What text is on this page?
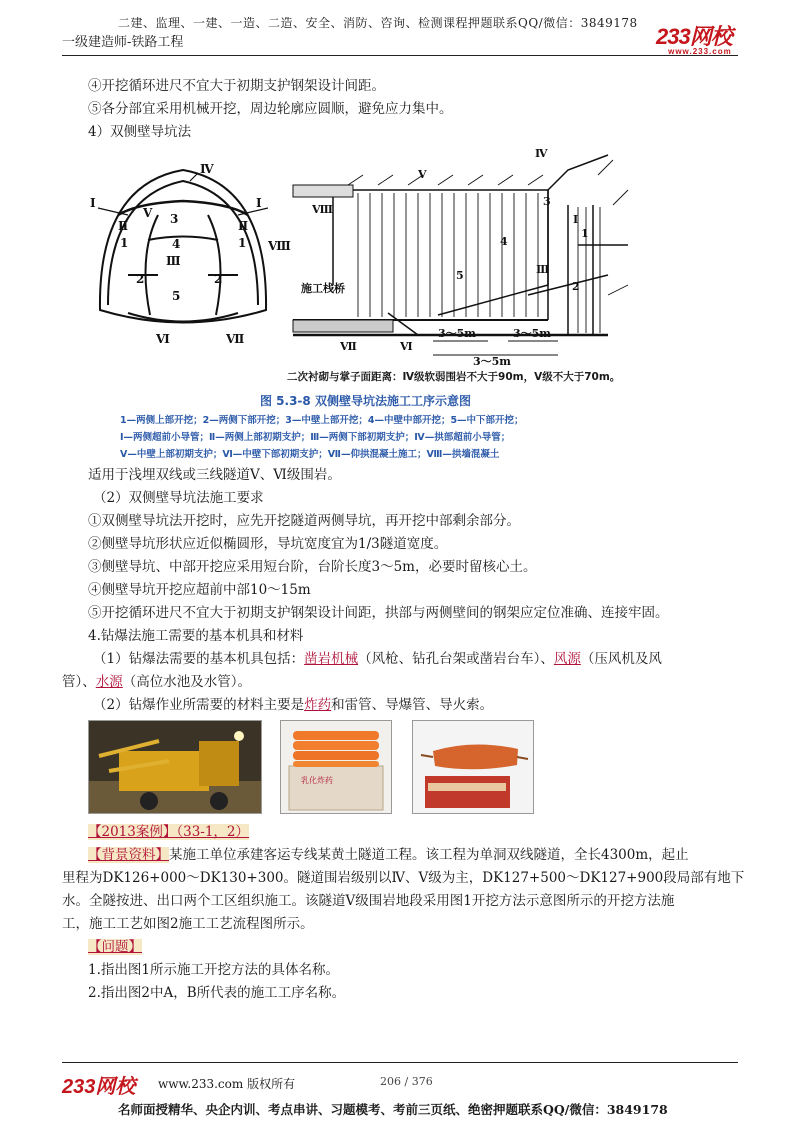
二建、监理、一建、一造、二造、安全、消防、咨询、检测课程押题联系QQ/微信：3849178
一级建造师-铁路工程	233网校
www.233.com
④开挖循环进尺不宜大于初期支护钢架设计间距。
⑤各分部宜采用机械开挖，周边轮廓应圆顺，避免应力集中。
4）双侧壁导坑法
Ⅳ
Ⅰ	Ⅰ
Ⅴ 3
Ⅱ	Ⅱ
1	1
4
Ⅲ
2	2
5
Ⅷ
Ⅵ	Ⅶ
Ⅳ
Ⅴ
Ⅷ
3
Ⅰ
1
4
5	Ⅲ
2
施工栈桥
Ⅶ	Ⅵ
3～5m	3～5m
3～5m
二次衬砌与掌子面距离：Ⅳ级软弱围岩不大于90m，Ⅴ级不大于70m。
图 5.3-8 双侧壁导坑法施工工序示意图
1—两侧上部开挖；2—两侧下部开挖；3—中壁上部开挖；4—中壁中部开挖；5—中下部开挖；
Ⅰ—两侧超前小导管；Ⅱ—两侧上部初期支护；Ⅲ—两侧下部初期支护；Ⅳ—拱部超前小导管；
Ⅴ—中壁上部初期支护；Ⅵ—中壁下部初期支护；Ⅶ—仰拱混凝土施工；Ⅷ—拱墙混凝土
适用于浅埋双线或三线隧道Ⅴ、Ⅵ级围岩。
（2）双侧壁导坑法施工要求
①双侧壁导坑法开挖时，应先开挖隧道两侧导坑，再开挖中部剩余部分。
②侧壁导坑形状应近似椭圆形，导坑宽度宜为1/3隧道宽度。
③侧壁导坑、中部开挖应采用短台阶，台阶长度3～5m，必要时留核心土。
④侧壁导坑开挖应超前中部10～15m
⑤开挖循环进尺不宜大于初期支护钢架设计间距，拱部与两侧壁间的钢架应定位准确、连接牢固。
4.钻爆法施工需要的基本机具和材料
（1）钻爆法需要的基本机具包括：凿岩机械（风枪、钻孔台架或凿岩台车）、风源（压风机及风
管）、水源（高位水池及水管）。
（2）钻爆作业所需要的材料主要是炸药和雷管、导爆管、导火索。
乳化炸药
【2013案例】（33-1，2）
【背景资料】某施工单位承建客运专线某黄土隧道工程。该工程为单洞双线隧道，全长4300m，起止
里程为DK126+000～DK130+300。隧道围岩级别以Ⅳ、Ⅴ级为主，DK127+500～DK127+900段局部有地下
水。全隧按进、出口两个工区组织施工。该隧道Ⅴ级围岩地段采用图1开挖方法示意图所示的开挖方法施
工，施工工艺如图2施工工艺流程图所示。
【问题】
1.指出图1所示施工开挖方法的具体名称。
2.指出图2中A，B所代表的施工工序名称。
233网校 www.233.com 版权所有	206 / 376
名师面授精华、央企内训、考点串讲、习题模考、考前三页纸、绝密押题联系QQ/微信：3849178
